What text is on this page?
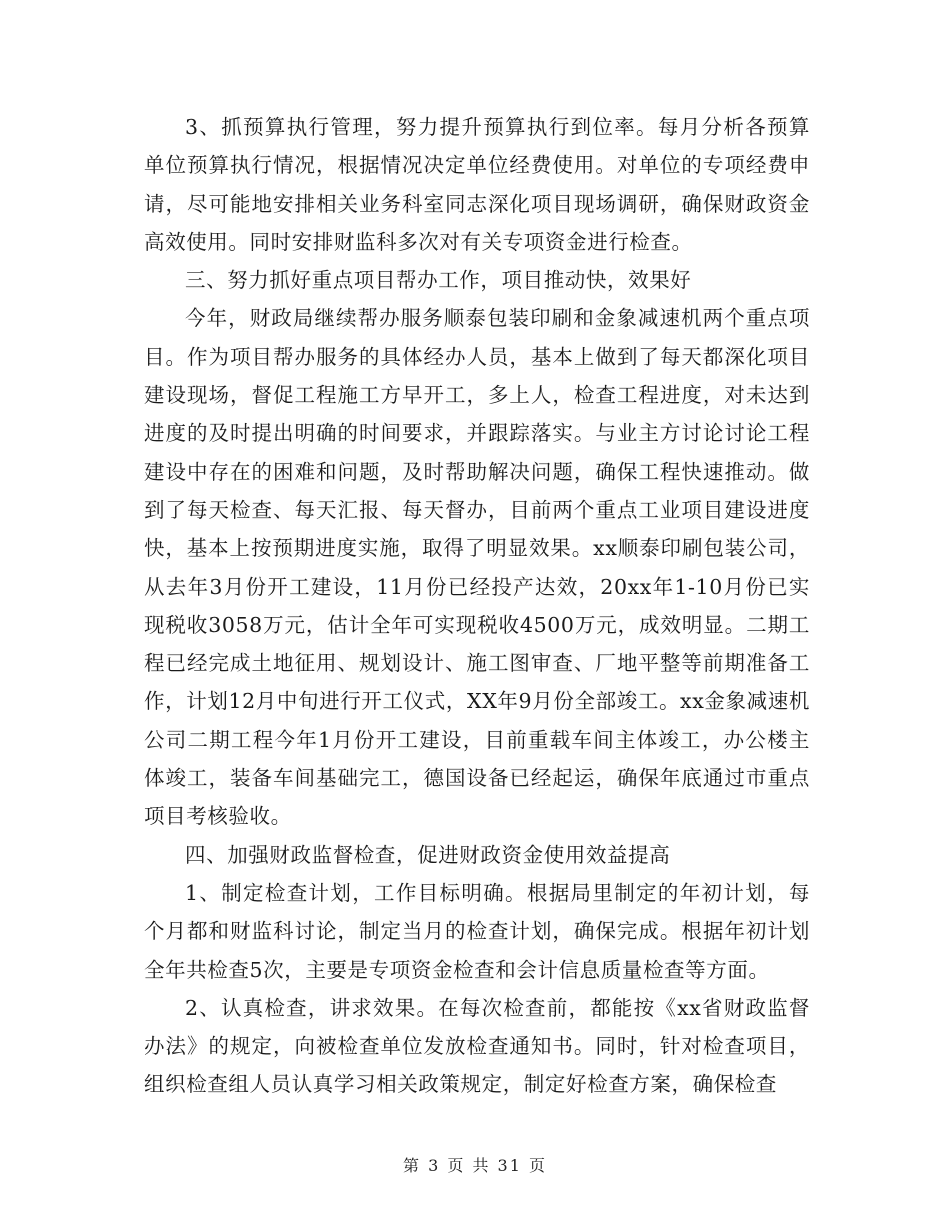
3、抓预算执行管理，努力提升预算执行到位率。每月分析各预算单位预算执行情况，根据情况决定单位经费使用。对单位的专项经费申请，尽可能地安排相关业务科室同志深化项目现场调研，确保财政资金高效使用。同时安排财监科多次对有关专项资金进行检查。

三、努力抓好重点项目帮办工作，项目推动快，效果好

今年，财政局继续帮办服务顺泰包装印刷和金象减速机两个重点项目。作为项目帮办服务的具体经办人员，基本上做到了每天都深化项目建设现场，督促工程施工方早开工，多上人，检查工程进度，对未达到进度的及时提出明确的时间要求，并跟踪落实。与业主方讨论讨论工程建设中存在的困难和问题，及时帮助解决问题，确保工程快速推动。做到了每天检查、每天汇报、每天督办，目前两个重点工业项目建设进度快，基本上按预期进度实施，取得了明显效果。xx顺泰印刷包装公司，从去年3月份开工建设，11月份已经投产达效，20xx年1-10月份已实现税收3058万元，估计全年可实现税收4500万元，成效明显。二期工程已经完成土地征用、规划设计、施工图审查、厂地平整等前期准备工作，计划12月中旬进行开工仪式，XX年9月份全部竣工。xx金象减速机公司二期工程今年1月份开工建设，目前重载车间主体竣工，办公楼主体竣工，装备车间基础完工，德国设备已经起运，确保年底通过市重点项目考核验收。

四、加强财政监督检查，促进财政资金使用效益提高

1、制定检查计划，工作目标明确。根据局里制定的年初计划，每个月都和财监科讨论，制定当月的检查计划，确保完成。根据年初计划全年共检查5次，主要是专项资金检查和会计信息质量检查等方面。

2、认真检查，讲求效果。在每次检查前，都能按《xx省财政监督办法》的规定，向被检查单位发放检查通知书。同时，针对检查项目，组织检查组人员认真学习相关政策规定，制定好检查方案，确保检查

第 3 页 共 31 页
